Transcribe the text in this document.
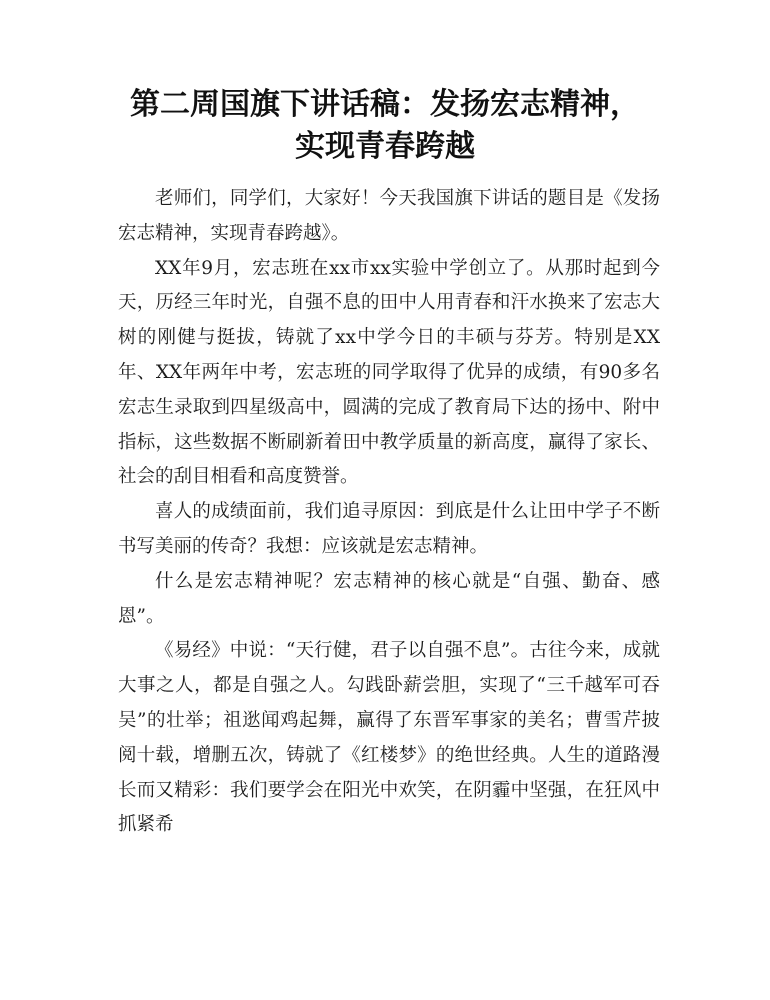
第二周国旗下讲话稿：发扬宏志精神，
实现青春跨越

老师们，同学们，大家好！今天我国旗下讲话的题目是《发扬宏志精神，实现青春跨越》。

XX年9月，宏志班在xx市xx实验中学创立了。从那时起到今天，历经三年时光，自强不息的田中人用青春和汗水换来了宏志大树的刚健与挺拔，铸就了xx中学今日的丰硕与芬芳。特别是XX年、XX年两年中考，宏志班的同学取得了优异的成绩，有90多名宏志生录取到四星级高中，圆满的完成了教育局下达的扬中、附中指标，这些数据不断刷新着田中教学质量的新高度，赢得了家长、社会的刮目相看和高度赞誉。

喜人的成绩面前，我们追寻原因：到底是什么让田中学子不断书写美丽的传奇？我想：应该就是宏志精神。

什么是宏志精神呢？宏志精神的核心就是“自强、勤奋、感恩”。

《易经》中说：“天行健，君子以自强不息”。古往今来，成就大事之人，都是自强之人。勾践卧薪尝胆，实现了“三千越军可吞吴”的壮举；祖逖闻鸡起舞，赢得了东晋军事家的美名；曹雪芹披阅十载，增删五次，铸就了《红楼梦》的绝世经典。人生的道路漫长而又精彩：我们要学会在阳光中欢笑，在阴霾中坚强，在狂风中抓紧希
